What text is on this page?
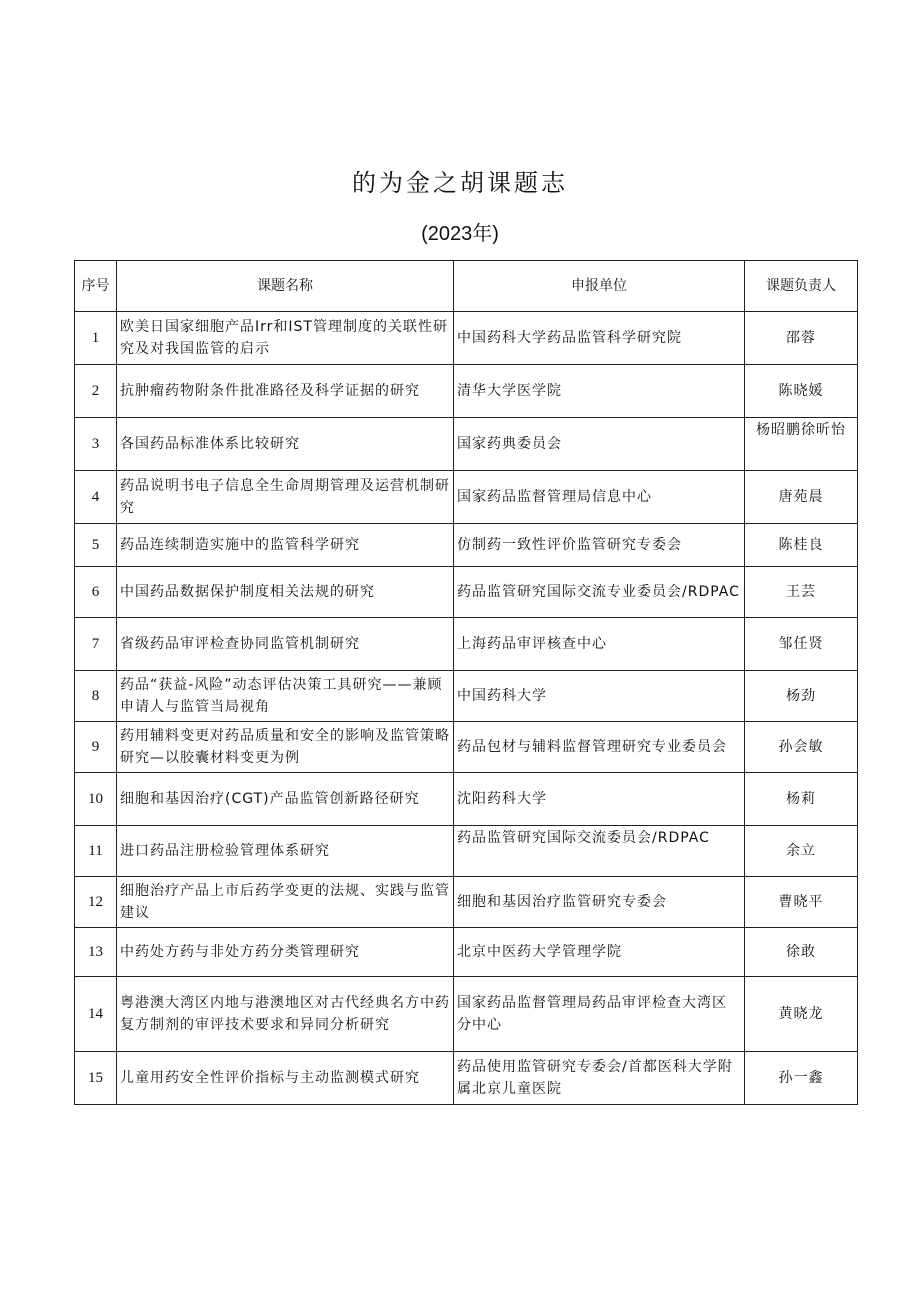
的为金之胡课题志
(2023年)
序号	课题名称	申报单位	课题负责人
1	欧美日国家细胞产品Irr和IST管理制度的关联性研究及对我国监管的启示	中国药科大学药品监管科学研究院	邵蓉
2	抗肿瘤药物附条件批准路径及科学证据的研究	清华大学医学院	陈晓媛
3	各国药品标准体系比较研究	国家药典委员会	杨昭鹏徐昕怡
4	药品说明书电子信息全生命周期管理及运营机制研究	国家药品监督管理局信息中心	唐苑晨
5	药品连续制造实施中的监管科学研究	仿制药一致性评价监管研究专委会	陈桂良
6	中国药品数据保护制度相关法规的研究	药品监管研究国际交流专业委员会/RDPAC	王芸
7	省级药品审评检查协同监管机制研究	上海药品审评核查中心	邹任贤
8	药品“获益-风险”动态评估决策工具研究——兼顾申请人与监管当局视角	中国药科大学	杨劲
9	药用辅料变更对药品质量和安全的影响及监管策略研究—以胶囊材料变更为例	药品包材与辅料监督管理研究专业委员会	孙会敏
10	细胞和基因治疗(CGT)产品监管创新路径研究	沈阳药科大学	杨莉
11	进口药品注册检验管理体系研究	药品监管研究国际交流委员会/RDPAC	余立
12	细胞治疗产品上市后药学变更的法规、实践与监管建议	细胞和基因治疗监管研究专委会	曹晓平
13	中药处方药与非处方药分类管理研究	北京中医药大学管理学院	徐敢
14	粤港澳大湾区内地与港澳地区对古代经典名方中药复方制剂的审评技术要求和异同分析研究	国家药品监督管理局药品审评检查大湾区分中心	黄晓龙
15	儿童用药安全性评价指标与主动监测模式研究	药品使用监管研究专委会/首都医科大学附属北京儿童医院	孙一鑫
